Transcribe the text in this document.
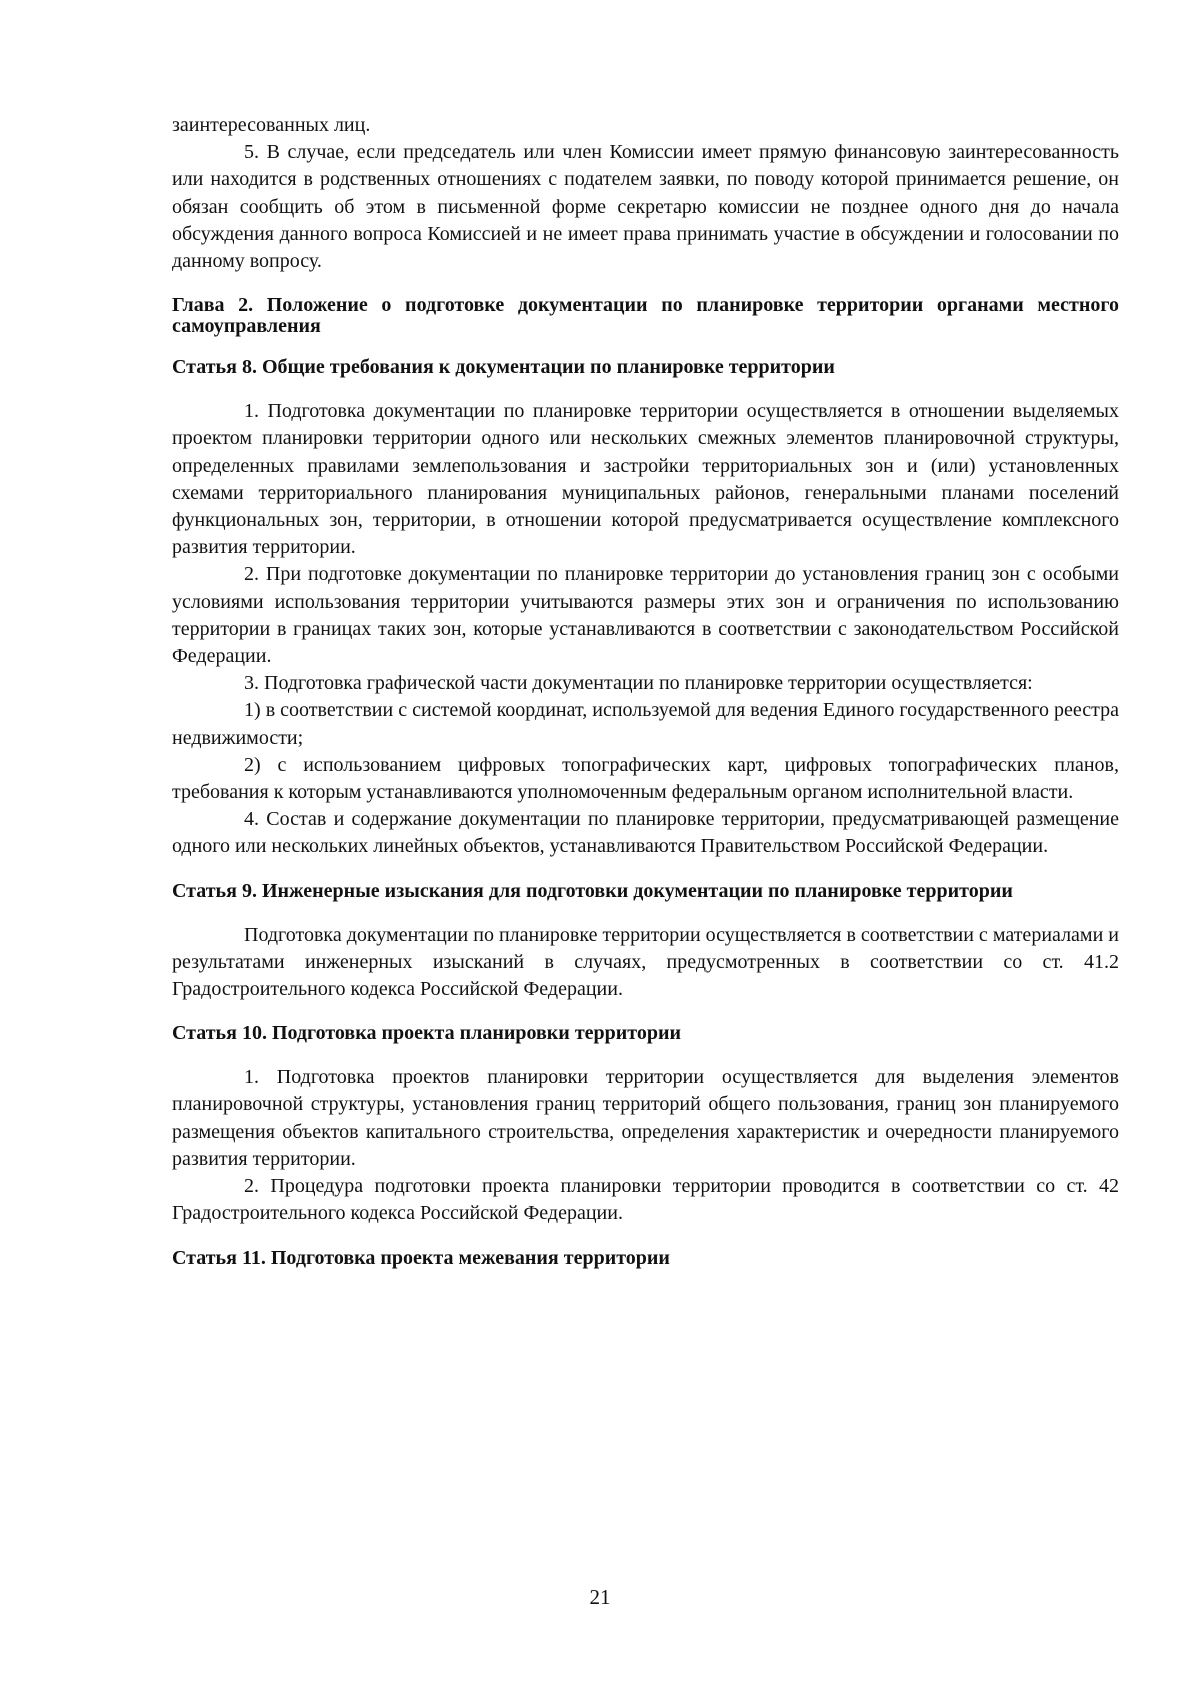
заинтересованных лиц.

5. В случае, если председатель или член Комиссии имеет прямую финансовую заинтересованность или находится в родственных отношениях с подателем заявки, по поводу которой принимается решение, он обязан сообщить об этом в письменной форме секретарю комиссии не позднее одного дня до начала обсуждения данного вопроса Комиссией и не имеет права принимать участие в обсуждении и голосовании по данному вопросу.

Глава 2. Положение о подготовке документации по планировке территории органами местного самоуправления
Статья 8. Общие требования к документации по планировке территории

1. Подготовка документации по планировке территории осуществляется в отношении выделяемых проектом планировки территории одного или нескольких смежных элементов планировочной структуры, определенных правилами землепользования и застройки территориальных зон и (или) установленных схемами территориального планирования муниципальных районов, генеральными планами поселений функциональных зон, территории, в отношении которой предусматривается осуществление комплексного развития территории.

2. При подготовке документации по планировке территории до установления границ зон с особыми условиями использования территории учитываются размеры этих зон и ограничения по использованию территории в границах таких зон, которые устанавливаются в соответствии с законодательством Российской Федерации.

3. Подготовка графической части документации по планировке территории осуществляется:

1) в соответствии с системой координат, используемой для ведения Единого государственного реестра недвижимости;

2) с использованием цифровых топографических карт, цифровых топографических планов, требования к которым устанавливаются уполномоченным федеральным органом исполнительной власти.

4. Состав и содержание документации по планировке территории, предусматривающей размещение одного или нескольких линейных объектов, устанавливаются Правительством Российской Федерации.

Статья 9. Инженерные изыскания для подготовки документации по планировке территории

Подготовка документации по планировке территории осуществляется в соответствии с материалами и результатами инженерных изысканий в случаях, предусмотренных в соответствии со ст. 41.2 Градостроительного кодекса Российской Федерации.

Статья 10. Подготовка проекта планировки территории

1. Подготовка проектов планировки территории осуществляется для выделения элементов планировочной структуры, установления границ территорий общего пользования, границ зон планируемого размещения объектов капитального строительства, определения характеристик и очередности планируемого развития территории.

2. Процедура подготовки проекта планировки территории проводится в соответствии со ст. 42 Градостроительного кодекса Российской Федерации.

Статья 11. Подготовка проекта межевания территории
21
